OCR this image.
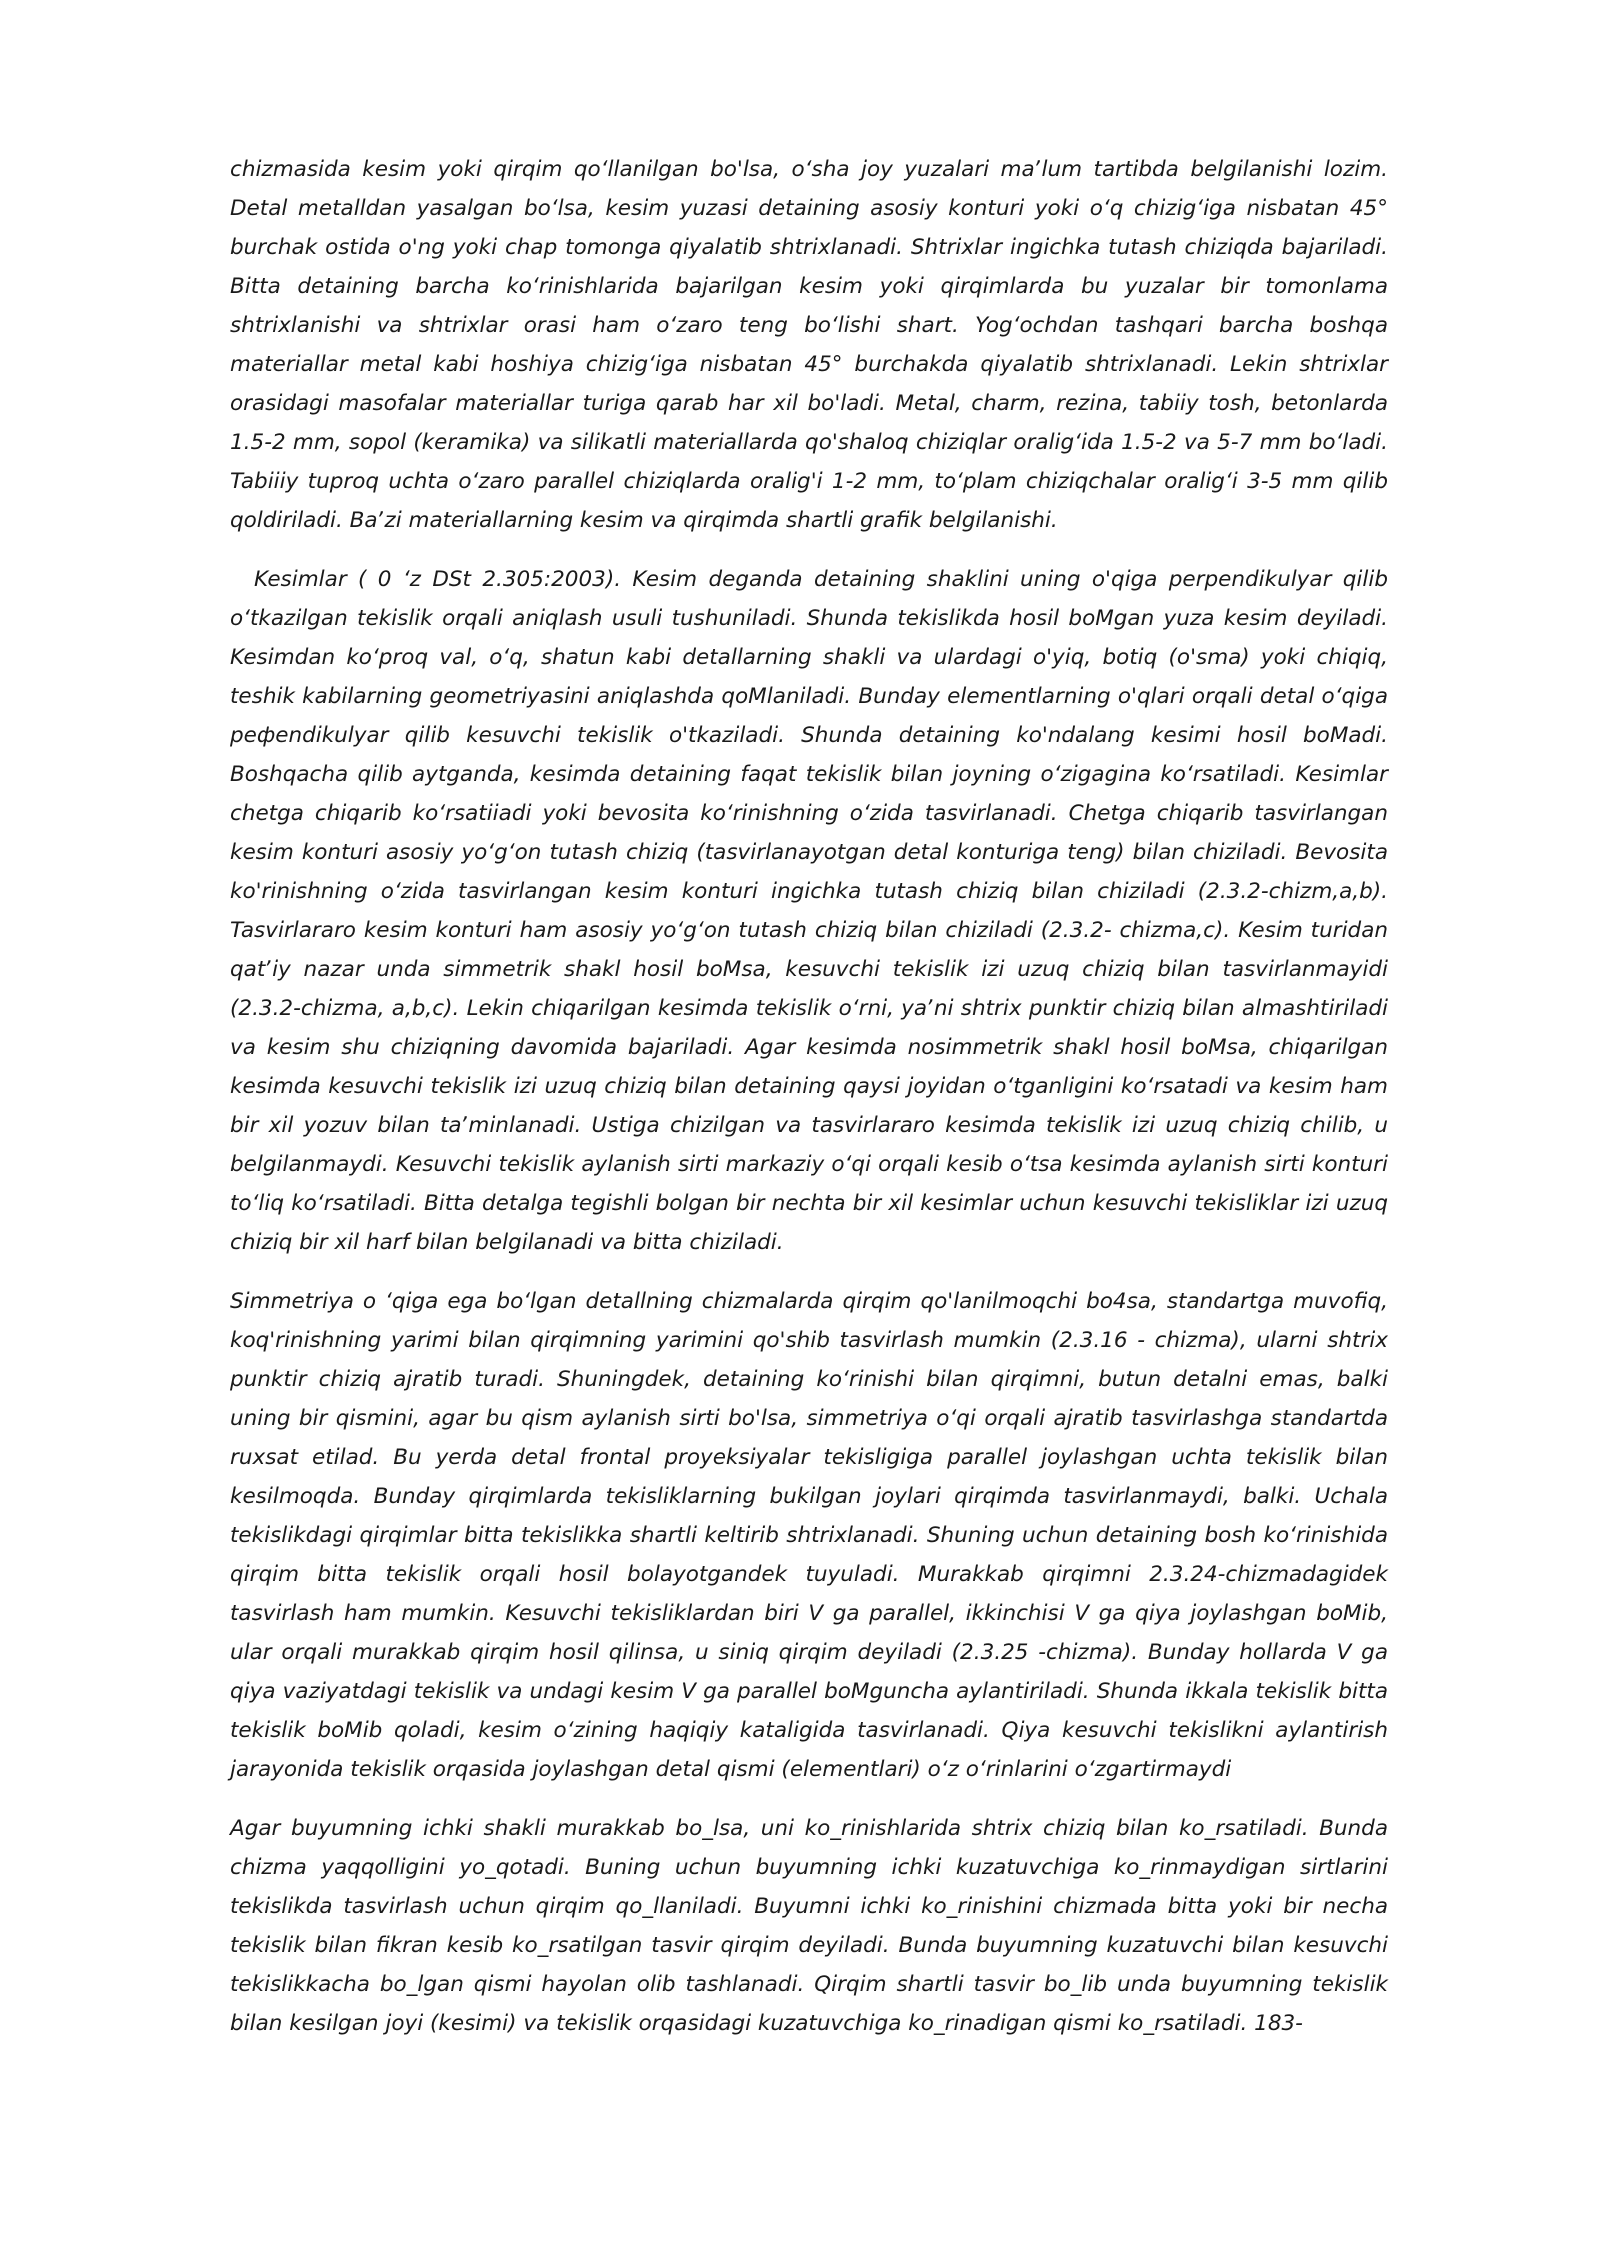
chizmasida kesim yoki qirqim qoʻllanilgan bo'lsa, oʻsha joy yuzalari maʼlum tartibda belgilanishi lozim. Detal metalldan yasalgan boʻlsa, kesim yuzasi detaining asosiy konturi yoki oʻq chizigʻiga nisbatan 45° burchak ostida o'ng yoki chap tomonga qiyalatib shtrixlanadi. Shtrixlar ingichka tutash chiziqda bajariladi. Bitta detaining barcha koʻrinishlarida bajarilgan kesim yoki qirqimlarda bu yuzalar bir tomonlama shtrixlanishi va shtrixlar orasi ham oʻzaro teng boʻlishi shart. Yogʻochdan tashqari barcha boshqa materiallar metal kabi hoshiya chizigʻiga nisbatan 45° burchakda qiyalatib shtrixlanadi. Lekin shtrixlar orasidagi masofalar materiallar turiga qarab har xil bo'ladi. Metal, charm, rezina, tabiiy tosh, betonlarda 1.5-2 mm, sopol (keramika) va silikatli materiallarda qo'shaloq chiziqlar oraligʻida 1.5-2 va 5-7 mm boʻladi. Tabiiiy tuproq uchta oʻzaro parallel chiziqlarda oralig'i 1-2 mm, toʻplam chiziqchalar oraligʻi 3-5 mm qilib qoldiriladi. Baʼzi materiallarning kesim va qirqimda shartli grafik belgilanishi.

Kesimlar ( 0 ʻz DSt 2.305:2003). Kesim deganda detaining shaklini uning o'qiga perpendikulyar qilib oʻtkazilgan tekislik orqali aniqlash usuli tushuniladi. Shunda tekislikda hosil boMgan yuza kesim deyiladi. Kesimdan koʻproq val, oʻq, shatun kabi detallarning shakli va ulardagi o'yiq, botiq (o'sma) yoki chiqiq, teshik kabilarning geometriyasini aniqlashda qoMlaniladi. Bunday elementlarning o'qlari orqali detal oʻqiga peфendikulyar qilib kesuvchi tekislik o'tkaziladi. Shunda detaining ko'ndalang kesimi hosil boMadi. Boshqacha qilib aytganda, kesimda detaining faqat tekislik bilan joyning oʻzigagina koʻrsatiladi. Kesimlar chetga chiqarib koʻrsatiiadi yoki bevosita koʻrinishning oʻzida tasvirlanadi. Chetga chiqarib tasvirlangan kesim konturi asosiy yoʻgʻon tutash chiziq (tasvirlanayotgan detal konturiga teng) bilan chiziladi. Bevosita ko'rinishning oʻzida tasvirlangan kesim konturi ingichka tutash chiziq bilan chiziladi (2.3.2-chizm,a,b). Tasvirlararo kesim konturi ham asosiy yoʻgʻon tutash chiziq bilan chiziladi (2.3.2- chizma,c). Kesim turidan qatʼiy nazar unda simmetrik shakl hosil boMsa, kesuvchi tekislik izi uzuq chiziq bilan tasvirlanmayidi (2.3.2-chizma, a,b,c). Lekin chiqarilgan kesimda tekislik oʻrni, yaʼni shtrix punktir chiziq bilan almashtiriladi va kesim shu chiziqning davomida bajariladi. Agar kesimda nosimmetrik shakl hosil boMsa, chiqarilgan kesimda kesuvchi tekislik izi uzuq chiziq bilan detaining qaysi joyidan oʻtganligini koʻrsatadi va kesim ham bir xil yozuv bilan taʼminlanadi. Ustiga chizilgan va tasvirlararo kesimda tekislik izi uzuq chiziq chilib, u belgilanmaydi. Kesuvchi tekislik aylanish sirti markaziy oʻqi orqali kesib oʻtsa kesimda aylanish sirti konturi toʻliq koʻrsatiladi. Bitta detalga tegishli bolgan bir nechta bir xil kesimlar uchun kesuvchi tekisliklar izi uzuq chiziq bir xil harf bilan belgilanadi va bitta chiziladi.

Simmetriya o ʻqiga ega boʻlgan detallning chizmalarda qirqim qo'lanilmoqchi bo4sa, standartga muvofiq, koq'rinishning yarimi bilan qirqimning yarimini qo'shib tasvirlash mumkin (2.3.16 - chizma), ularni shtrix punktir chiziq ajratib turadi. Shuningdek, detaining koʻrinishi bilan qirqimni, butun detalni emas, balki uning bir qismini, agar bu qism aylanish sirti bo'lsa, simmetriya oʻqi orqali ajratib tasvirlashga standartda ruxsat etilad. Bu yerda detal frontal proyeksiyalar tekisligiga parallel joylashgan uchta tekislik bilan kesilmoqda. Bunday qirqimlarda tekisliklarning bukilgan joylari qirqimda tasvirlanmaydi, balki. Uchala tekislikdagi qirqimlar bitta tekislikka shartli keltirib shtrixlanadi. Shuning uchun detaining bosh koʻrinishida qirqim bitta tekislik orqali hosil bolayotgandek tuyuladi. Murakkab qirqimni 2.3.24-chizmadagidek tasvirlash ham mumkin. Kesuvchi tekisliklardan biri V ga parallel, ikkinchisi V ga qiya joylashgan boMib, ular orqali murakkab qirqim hosil qilinsa, u siniq qirqim deyiladi (2.3.25 -chizma). Bunday hollarda V ga qiya vaziyatdagi tekislik va undagi kesim V ga parallel boMguncha aylantiriladi. Shunda ikkala tekislik bitta tekislik boMib qoladi, kesim oʻzining haqiqiy kataligida tasvirlanadi. Qiya kesuvchi tekislikni aylantirish jarayonida tekislik orqasida joylashgan detal qismi (elementlari) oʻz oʻrinlarini oʻzgartirmaydi

Agar buyumning ichki shakli murakkab bo_lsa, uni ko_rinishlarida shtrix chiziq bilan ko_rsatiladi. Bunda chizma yaqqolligini yo_qotadi. Buning uchun buyumning ichki kuzatuvchiga ko_rinmaydigan sirtlarini tekislikda tasvirlash uchun qirqim qo_llaniladi. Buyumni ichki ko_rinishini chizmada bitta yoki bir necha tekislik bilan fikran kesib ko_rsatilgan tasvir qirqim deyiladi. Bunda buyumning kuzatuvchi bilan kesuvchi tekislikkacha bo_lgan qismi hayolan olib tashlanadi. Qirqim shartli tasvir bo_lib unda buyumning tekislik bilan kesilgan joyi (kesimi) va tekislik orqasidagi kuzatuvchiga ko_rinadigan qismi ko_rsatiladi. 183-
